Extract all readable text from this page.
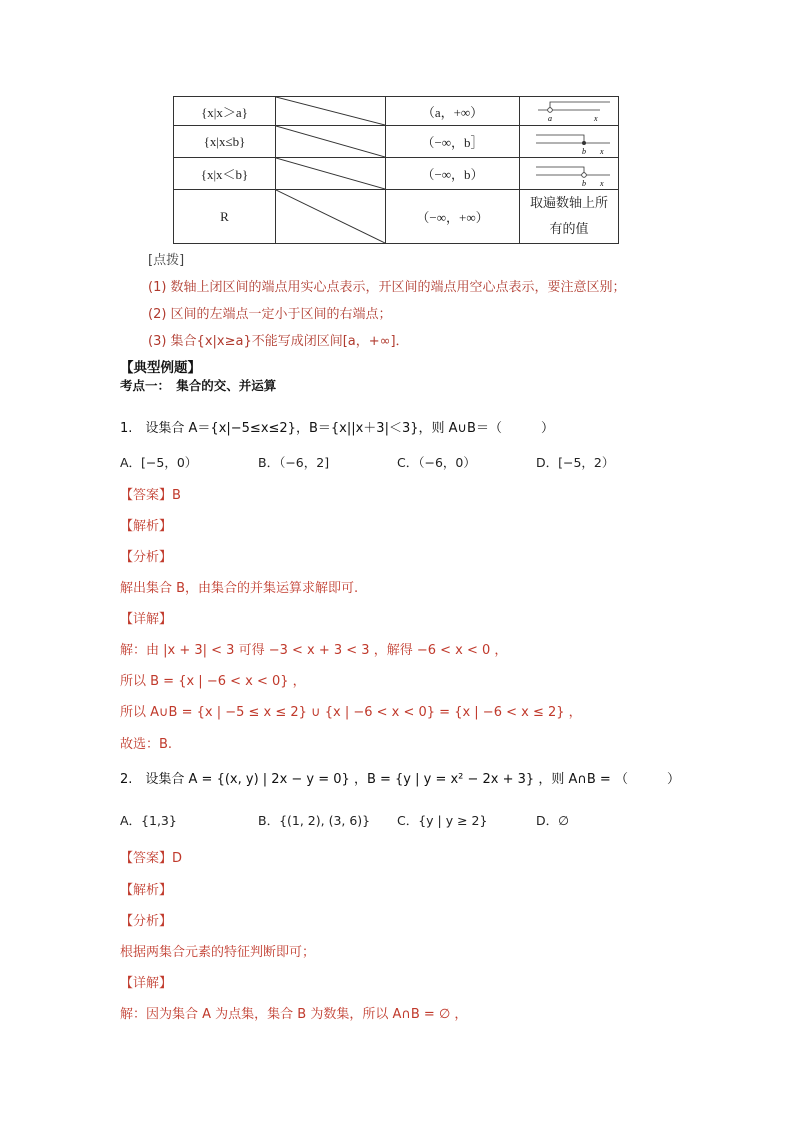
{x|x＞a}		（a，+∞）	a x

{x|x≤b}		（−∞，b］	b x

{x|x＜b}		（−∞，b）	b x

R		（−∞，+∞）	取遍数轴上所
有的值
[点拨]
(1) 数轴上闭区间的端点用实心点表示，开区间的端点用空心点表示，要注意区别；
(2) 区间的左端点一定小于区间的右端点；
(3) 集合{x|x≥a}不能写成闭区间[a，+∞]．
【典型例题】
考点一：　集合的交、并运算
1.　设集合 A＝{x|−5≤x≤2}，B＝{x||x＋3|＜3}，则 A∪B＝（　　　）
A．[−5，0）	B．（−6，2]	C．（−6，0）	D．[−5，2）
【答案】B
【解析】
【分析】
解出集合 B，由集合的并集运算求解即可.
【详解】
解：由 |x + 3| < 3 可得 −3 < x + 3 < 3 ，解得 −6 < x < 0 ，
所以 B = {x | −6 < x < 0} ，
所以 A∪B = {x | −5 ≤ x ≤ 2} ∪ {x | −6 < x < 0} = {x | −6 < x ≤ 2} ，
故选：B.
2.　设集合 A = {(x, y) | 2x − y = 0} ，B = {y | y = x² − 2x + 3} ，则 A∩B = （　　　）
A．{1,3}	B．{(1, 2), (3, 6)} C．{y | y ≥ 2}	D．∅
【答案】D
【解析】
【分析】
根据两集合元素的特征判断即可；
【详解】
解：因为集合 A 为点集，集合 B 为数集，所以 A∩B = ∅ ，
